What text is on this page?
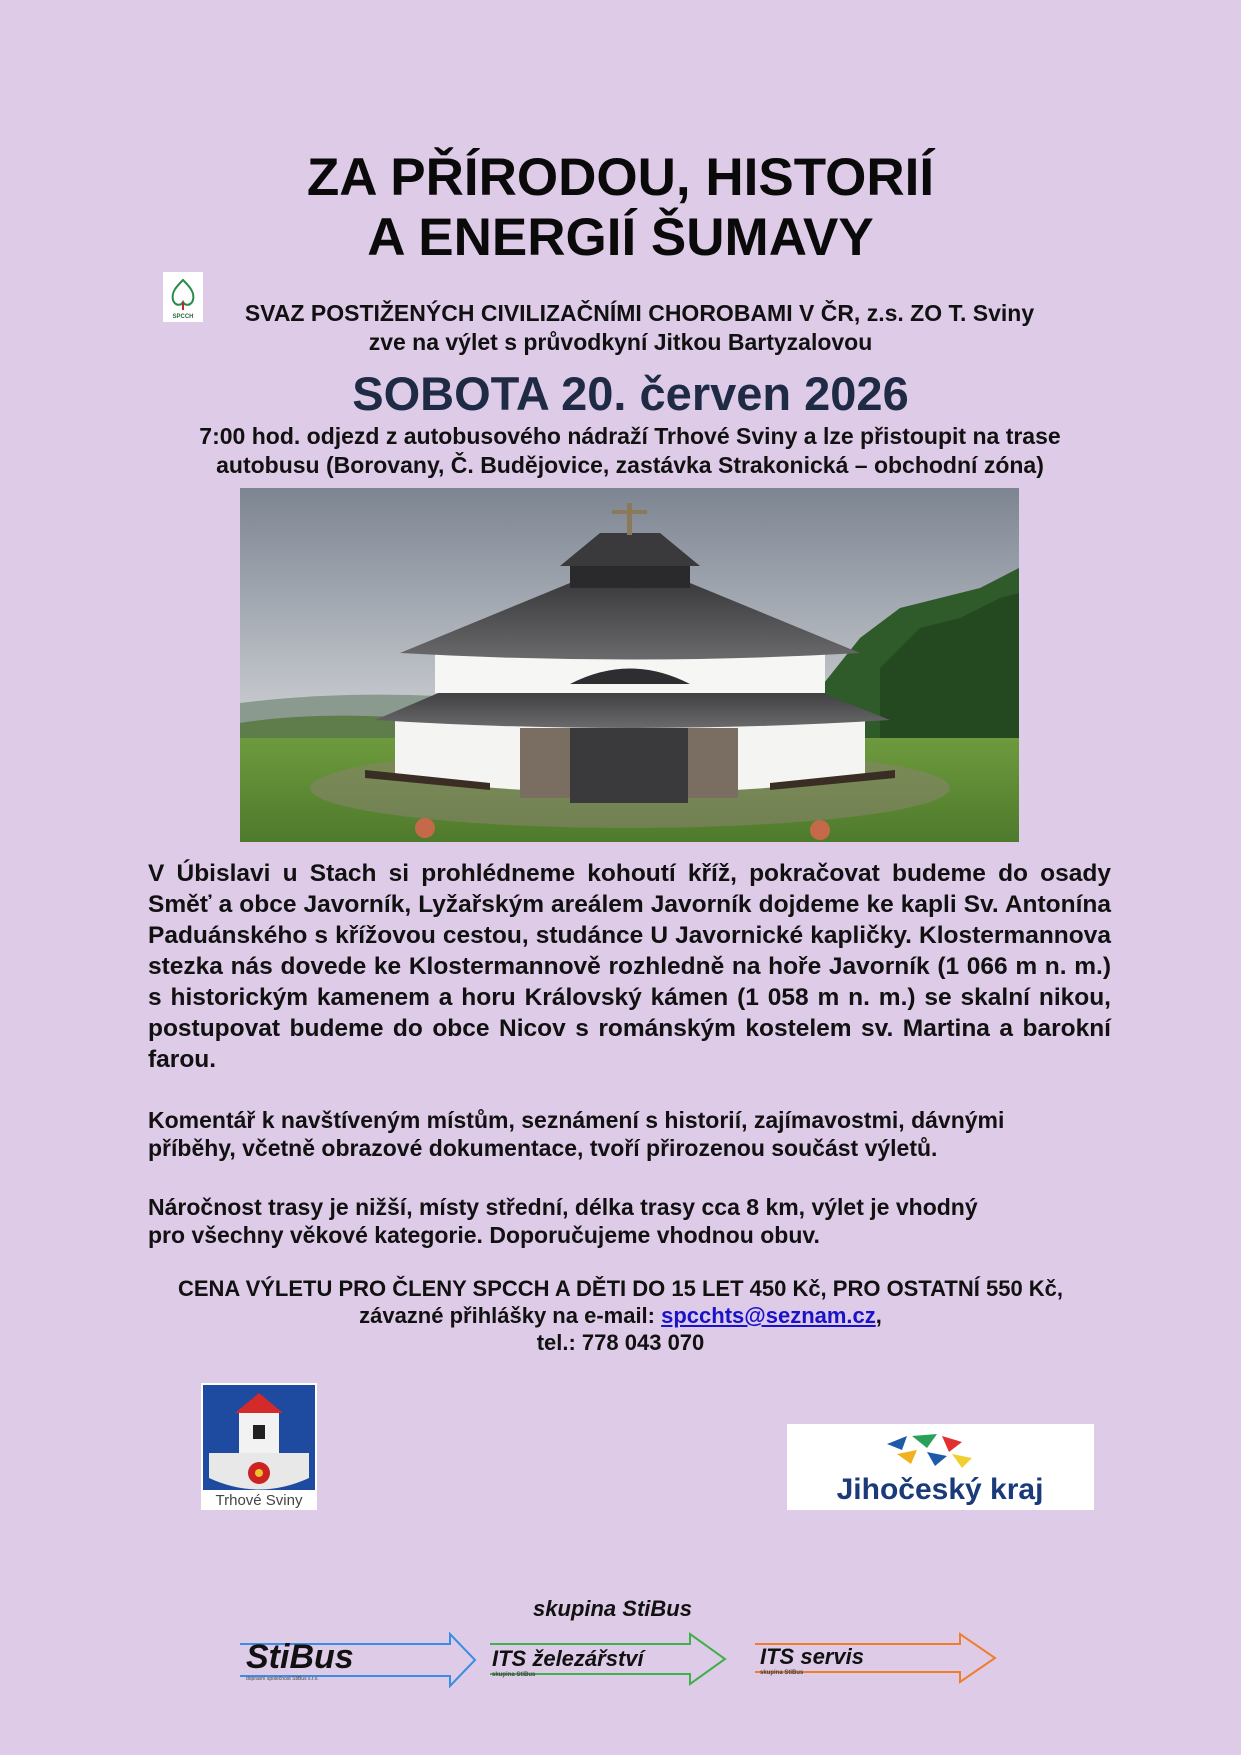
ZA PŘÍRODOU, HISTORIÍ
A ENERGIÍ ŠUMAVY
SPCCH	SVAZ POSTIŽENÝCH CIVILIZAČNÍMI CHOROBAMI V ČR, z.s. ZO T. Sviny
zve na výlet s průvodkyní Jitkou Bartyzalovou
SOBOTA 20. červen 2026
7:00 hod. odjezd z autobusového nádraží Trhové Sviny a lze přistoupit na trase
autobusu (Borovany, Č. Budějovice, zastávka Strakonická – obchodní zóna)

V Úbislavi u Stach si prohlédneme kohoutí kříž, pokračovat budeme do osady Směť a obce Javorník, Lyžařským areálem Javorník dojdeme ke kapli Sv. Antonína Paduánského s křížovou cestou, studánce U Javornické kapličky. Klostermannova stezka nás dovede ke Klostermannově rozhledně na hoře Javorník (1 066 m n. m.) s historickým kamenem a horu Královský kámen (1 058 m n. m.) se skalní nikou, postupovat budeme do obce Nicov s románským kostelem sv. Martina a barokní farou.

Komentář k navštíveným místům, seznámení s historií, zajímavostmi, dávnými
příběhy, včetně obrazové dokumentace, tvoří přirozenou součást výletů.

Náročnost trasy je nižší, místy střední, délka trasy cca 8 km, výlet je vhodný
pro všechny věkové kategorie. Doporučujeme vhodnou obuv.

CENA VÝLETU PRO ČLENY SPCCH A DĚTI DO 15 LET 450 Kč, PRO OSTATNÍ 550 Kč,
závazné přihlášky na e-mail: spcchts@seznam.cz,
tel.: 778 043 070
Trhové Sviny	Jihočeský kraj
skupina StiBus
StiBus
dopravní společnost StiBus s.r.o.
ITS železářství
skupina StiBus
ITS servis
skupina StiBus
